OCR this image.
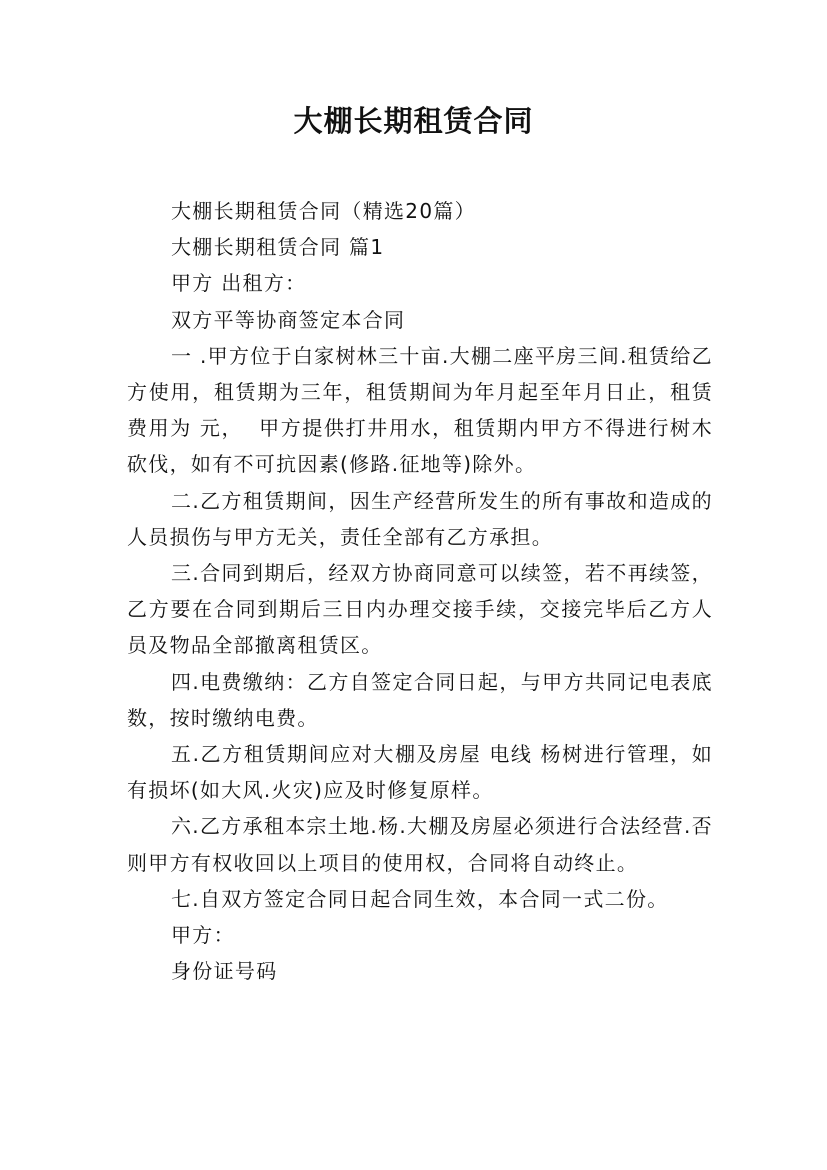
大棚长期租赁合同

大棚长期租赁合同（精选20篇）

大棚长期租赁合同 篇1

甲方 出租方：

双方平等协商签定本合同

一 .甲方位于白家树林三十亩.大棚二座平房三间.租赁给乙方使用，租赁期为三年，租赁期间为年月起至年月日止，租赁费用为 元，  甲方提供打井用水，租赁期内甲方不得进行树木砍伐，如有不可抗因素(修路.征地等)除外。

二.乙方租赁期间，因生产经营所发生的所有事故和造成的人员损伤与甲方无关，责任全部有乙方承担。

三.合同到期后，经双方协商同意可以续签，若不再续签，乙方要在合同到期后三日内办理交接手续，交接完毕后乙方人员及物品全部撤离租赁区。

四.电费缴纳：乙方自签定合同日起，与甲方共同记电表底数，按时缴纳电费。

五.乙方租赁期间应对大棚及房屋 电线 杨树进行管理，如有损坏(如大风.火灾)应及时修复原样。

六.乙方承租本宗土地.杨.大棚及房屋必须进行合法经营.否则甲方有权收回以上项目的使用权，合同将自动终止。

七.自双方签定合同日起合同生效，本合同一式二份。

甲方：

身份证号码
